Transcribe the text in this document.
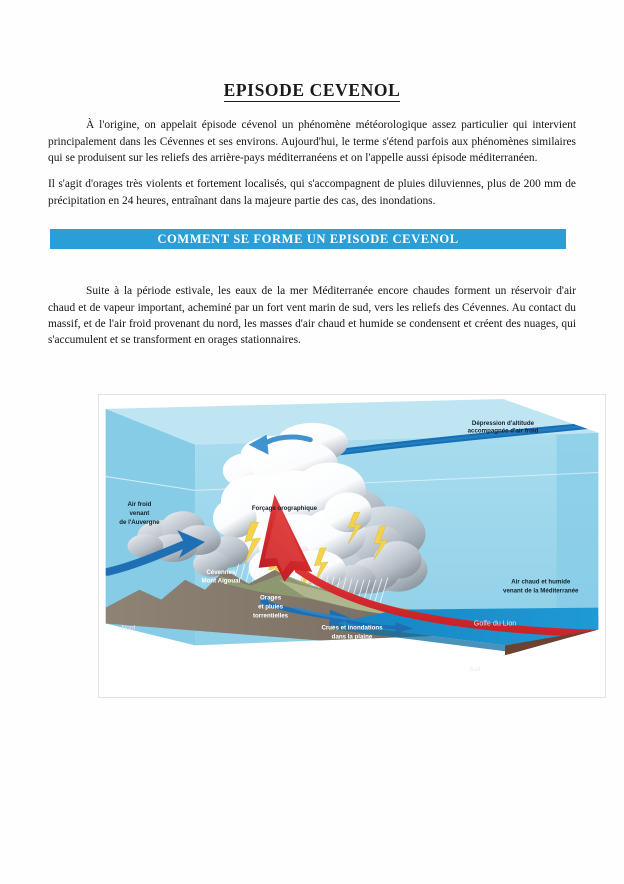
EPISODE CEVENOL

À l'origine, on appelait épisode cévenol un phénomène météorologique assez particulier qui intervient principalement dans les Cévennes et ses environs. Aujourd'hui, le terme s'étend parfois aux phénomènes similaires qui se produisent sur les reliefs des arrière-pays méditerranéens et on l'appelle aussi épisode méditerranéen.

Il s'agit d'orages très violents et fortement localisés, qui s'accompagnent de pluies diluviennes, plus de 200 mm de précipitation en 24 heures, entraînant dans la majeure partie des cas, des inondations.

COMMENT SE FORME UN EPISODE CEVENOL

Suite à la période estivale, les eaux de la mer Méditerranée encore chaudes forment un réservoir d'air chaud et de vapeur important, acheminé par un fort vent marin de sud, vers les reliefs des Cévennes. Au contact du massif, et de l'air froid provenant du nord, les masses d'air chaud et humide se condensent et créent des nuages, qui s'accumulent et se transforment en orages stationnaires.

Dépression d'altitude
accompagnée d'air froid
Air froid
venant
de l'Auvergne
Forçage orographique
Cévennes
Mont Aigoual
Orages
et pluies
torrentielles
Crues et inondations
dans la plaine
(Vidourle, Gardon, Cèze, etc.)
Air chaud et humide
venant de la Méditerranée
Golfe du Lion
Nord
Sud
